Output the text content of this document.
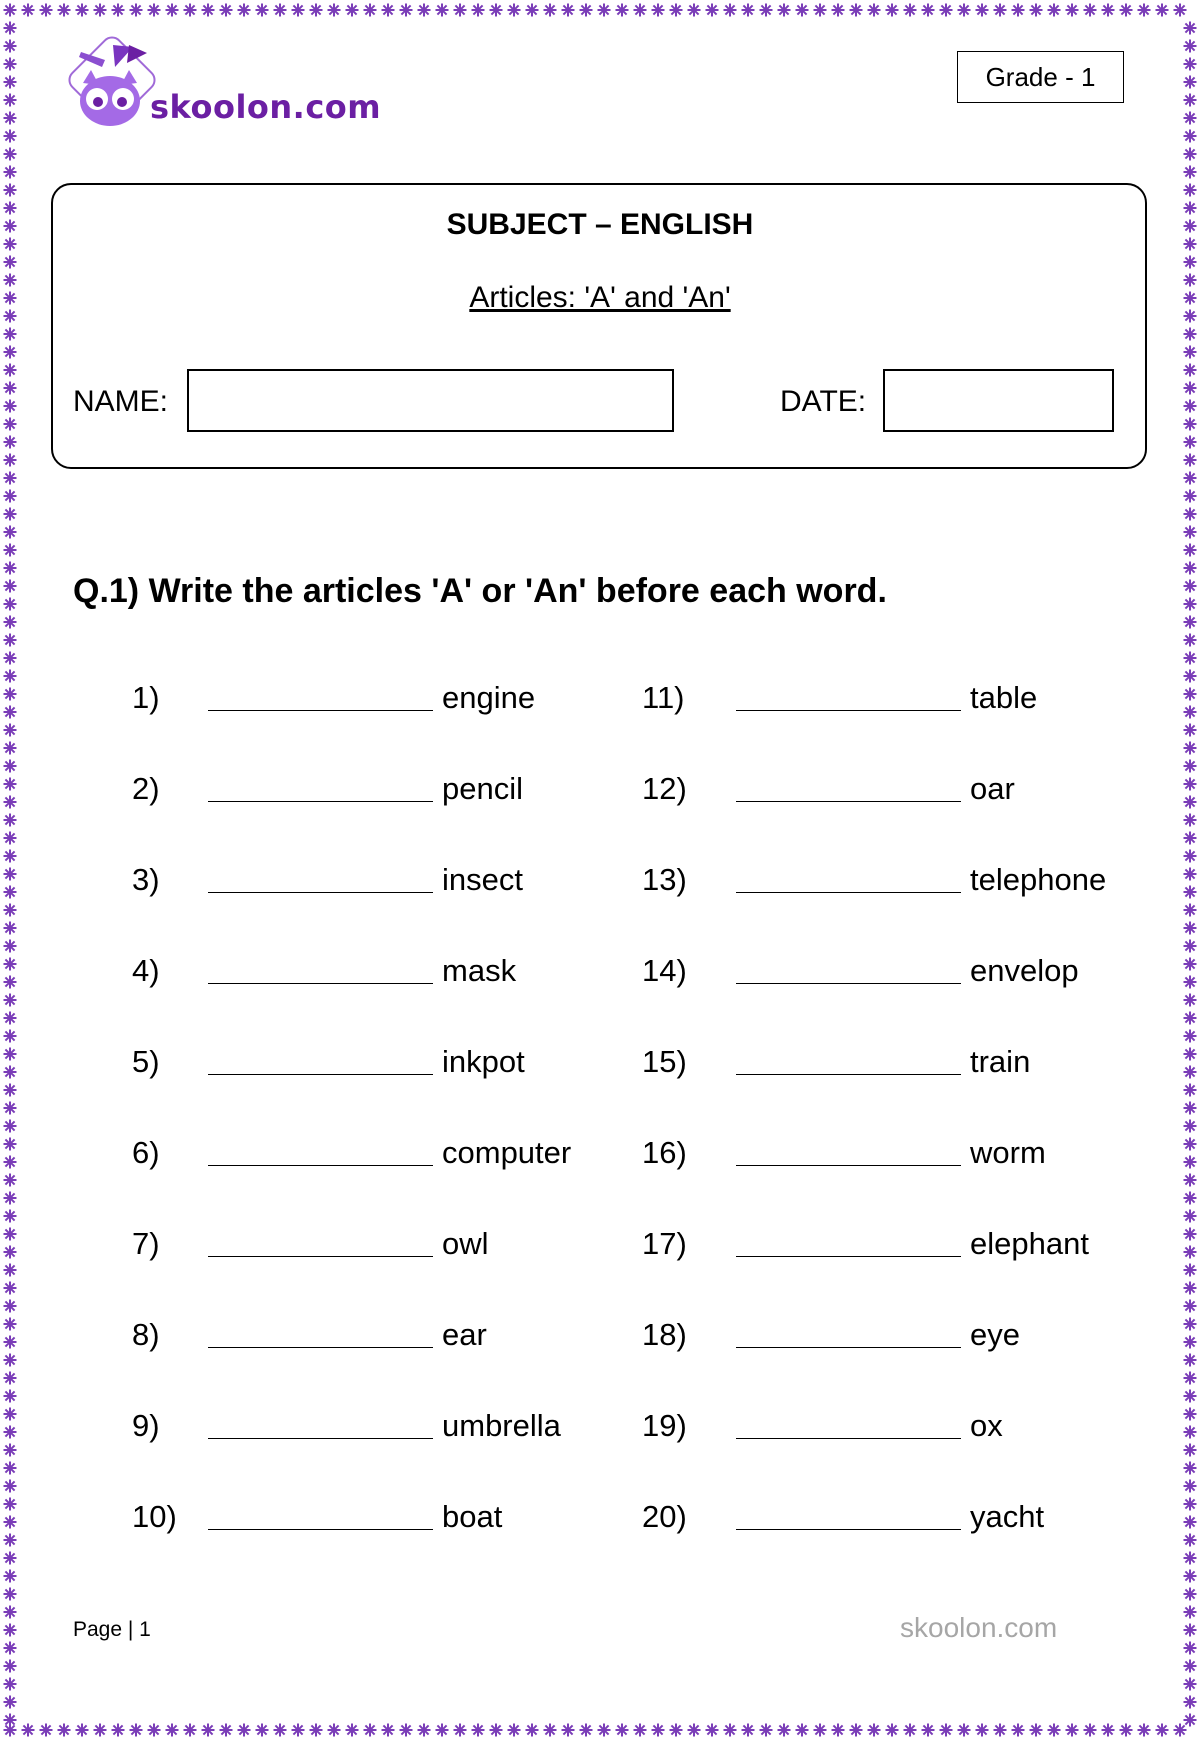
skoolon.com
Grade - 1
SUBJECT – ENGLISH
Articles: 'A' and 'An'
NAME:	DATE:
Q.1) Write the articles 'A' or 'An' before each word.
1)	engine
2)	pencil
3)	insect
4)	mask
5)	inkpot
6)	computer
7)	owl
8)	ear
9)	umbrella
10)	boat
11)	table
12)	oar
13)	telephone
14)	envelop
15)	train
16)	worm
17)	elephant
18)	eye
19)	ox
20)	yacht
Page | 1	skoolon.com
